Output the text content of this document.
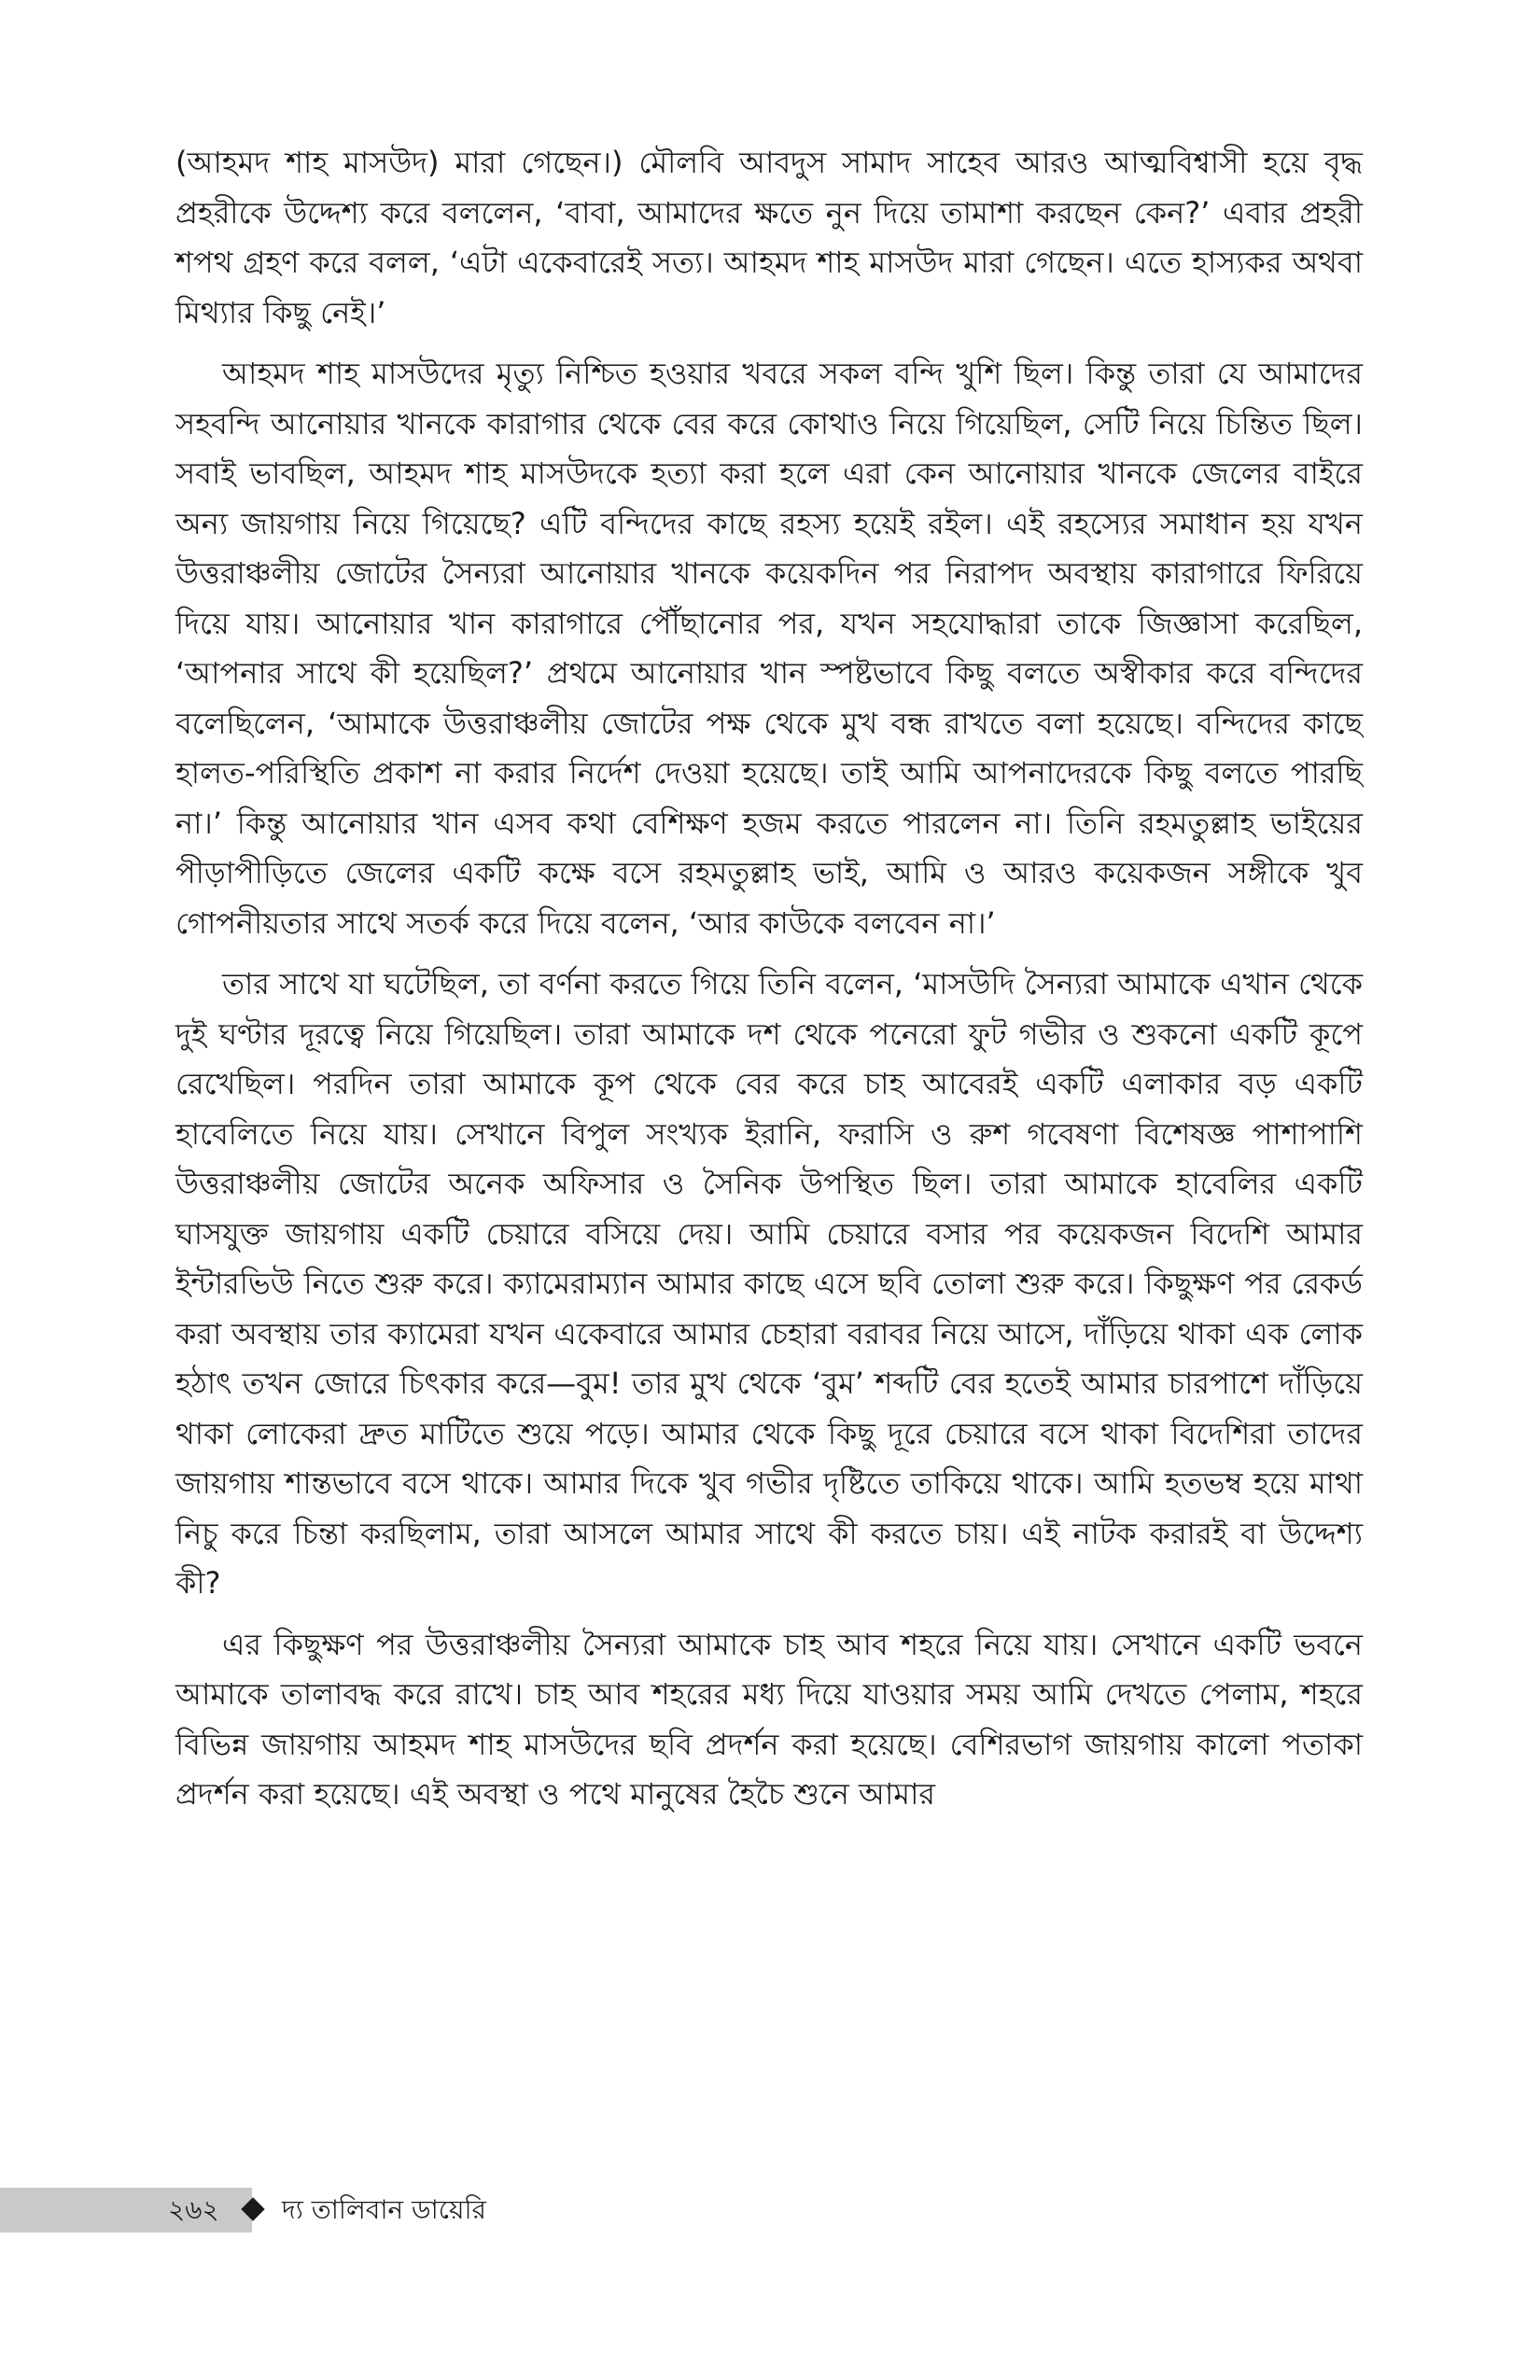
(আহমদ শাহ মাসউদ) মারা গেছেন।) মৌলবি আবদুস সামাদ সাহেব আরও আত্মবিশ্বাসী হয়ে বৃদ্ধ প্রহরীকে উদ্দেশ্য করে বললেন, ‘বাবা, আমাদের ক্ষতে নুন দিয়ে তামাশা করছেন কেন?’ এবার প্রহরী শপথ গ্রহণ করে বলল, ‘এটা একেবারেই সত্য। আহমদ শাহ মাসউদ মারা গেছেন। এতে হাস্যকর অথবা মিথ্যার কিছু নেই।’

আহমদ শাহ মাসউদের মৃত্যু নিশ্চিত হওয়ার খবরে সকল বন্দি খুশি ছিল। কিন্তু তারা যে আমাদের সহবন্দি আনোয়ার খানকে কারাগার থেকে বের করে কোথাও নিয়ে গিয়েছিল, সেটি নিয়ে চিন্তিত ছিল। সবাই ভাবছিল, আহমদ শাহ মাসউদকে হত্যা করা হলে এরা কেন আনোয়ার খানকে জেলের বাইরে অন্য জায়গায় নিয়ে গিয়েছে? এটি বন্দিদের কাছে রহস্য হয়েই রইল। এই রহস্যের সমাধান হয় যখন উত্তরাঞ্চলীয় জোটের সৈন্যরা আনোয়ার খানকে কয়েকদিন পর নিরাপদ অবস্থায় কারাগারে ফিরিয়ে দিয়ে যায়। আনোয়ার খান কারাগারে পৌঁছানোর পর, যখন সহযোদ্ধারা তাকে জিজ্ঞাসা করেছিল, ‘আপনার সাথে কী হয়েছিল?’ প্রথমে আনোয়ার খান স্পষ্টভাবে কিছু বলতে অস্বীকার করে বন্দিদের বলেছিলেন, ‘আমাকে উত্তরাঞ্চলীয় জোটের পক্ষ থেকে মুখ বন্ধ রাখতে বলা হয়েছে। বন্দিদের কাছে হালত-পরিস্থিতি প্রকাশ না করার নির্দেশ দেওয়া হয়েছে। তাই আমি আপনাদেরকে কিছু বলতে পারছি না।’ কিন্তু আনোয়ার খান এসব কথা বেশিক্ষণ হজম করতে পারলেন না। তিনি রহমতুল্লাহ ভাইয়ের পীড়াপীড়িতে জেলের একটি কক্ষে বসে রহমতুল্লাহ ভাই, আমি ও আরও কয়েকজন সঙ্গীকে খুব গোপনীয়তার সাথে সতর্ক করে দিয়ে বলেন, ‘আর কাউকে বলবেন না।’

তার সাথে যা ঘটেছিল, তা বর্ণনা করতে গিয়ে তিনি বলেন, ‘মাসউদি সৈন্যরা আমাকে এখান থেকে দুই ঘণ্টার দূরত্বে নিয়ে গিয়েছিল। তারা আমাকে দশ থেকে পনেরো ফুট গভীর ও শুকনো একটি কূপে রেখেছিল। পরদিন তারা আমাকে কূপ থেকে বের করে চাহ আবেরই একটি এলাকার বড় একটি হাবেলিতে নিয়ে যায়। সেখানে বিপুল সংখ্যক ইরানি, ফরাসি ও রুশ গবেষণা বিশেষজ্ঞ পাশাপাশি উত্তরাঞ্চলীয় জোটের অনেক অফিসার ও সৈনিক উপস্থিত ছিল। তারা আমাকে হাবেলির একটি ঘাসযুক্ত জায়গায় একটি চেয়ারে বসিয়ে দেয়। আমি চেয়ারে বসার পর কয়েকজন বিদেশি আমার ইন্টারভিউ নিতে শুরু করে। ক্যামেরাম্যান আমার কাছে এসে ছবি তোলা শুরু করে। কিছুক্ষণ পর রেকর্ড করা অবস্থায় তার ক্যামেরা যখন একেবারে আমার চেহারা বরাবর নিয়ে আসে, দাঁড়িয়ে থাকা এক লোক হঠাৎ তখন জোরে চিৎকার করে—বুম! তার মুখ থেকে ‘বুম’ শব্দটি বের হতেই আমার চারপাশে দাঁড়িয়ে থাকা লোকেরা দ্রুত মাটিতে শুয়ে পড়ে। আমার থেকে কিছু দূরে চেয়ারে বসে থাকা বিদেশিরা তাদের জায়গায় শান্তভাবে বসে থাকে। আমার দিকে খুব গভীর দৃষ্টিতে তাকিয়ে থাকে। আমি হতভম্ব হয়ে মাথা নিচু করে চিন্তা করছিলাম, তারা আসলে আমার সাথে কী করতে চায়। এই নাটক করারই বা উদ্দেশ্য কী?

এর কিছুক্ষণ পর উত্তরাঞ্চলীয় সৈন্যরা আমাকে চাহ আব শহরে নিয়ে যায়। সেখানে একটি ভবনে আমাকে তালাবদ্ধ করে রাখে। চাহ আব শহরের মধ্য দিয়ে যাওয়ার সময় আমি দেখতে পেলাম, শহরে বিভিন্ন জায়গায় আহমদ শাহ মাসউদের ছবি প্রদর্শন করা হয়েছে। বেশিরভাগ জায়গায় কালো পতাকা প্রদর্শন করা হয়েছে। এই অবস্থা ও পথে মানুষের হৈচৈ শুনে আমার

২৬২ দ্য তালিবান ডায়েরি
